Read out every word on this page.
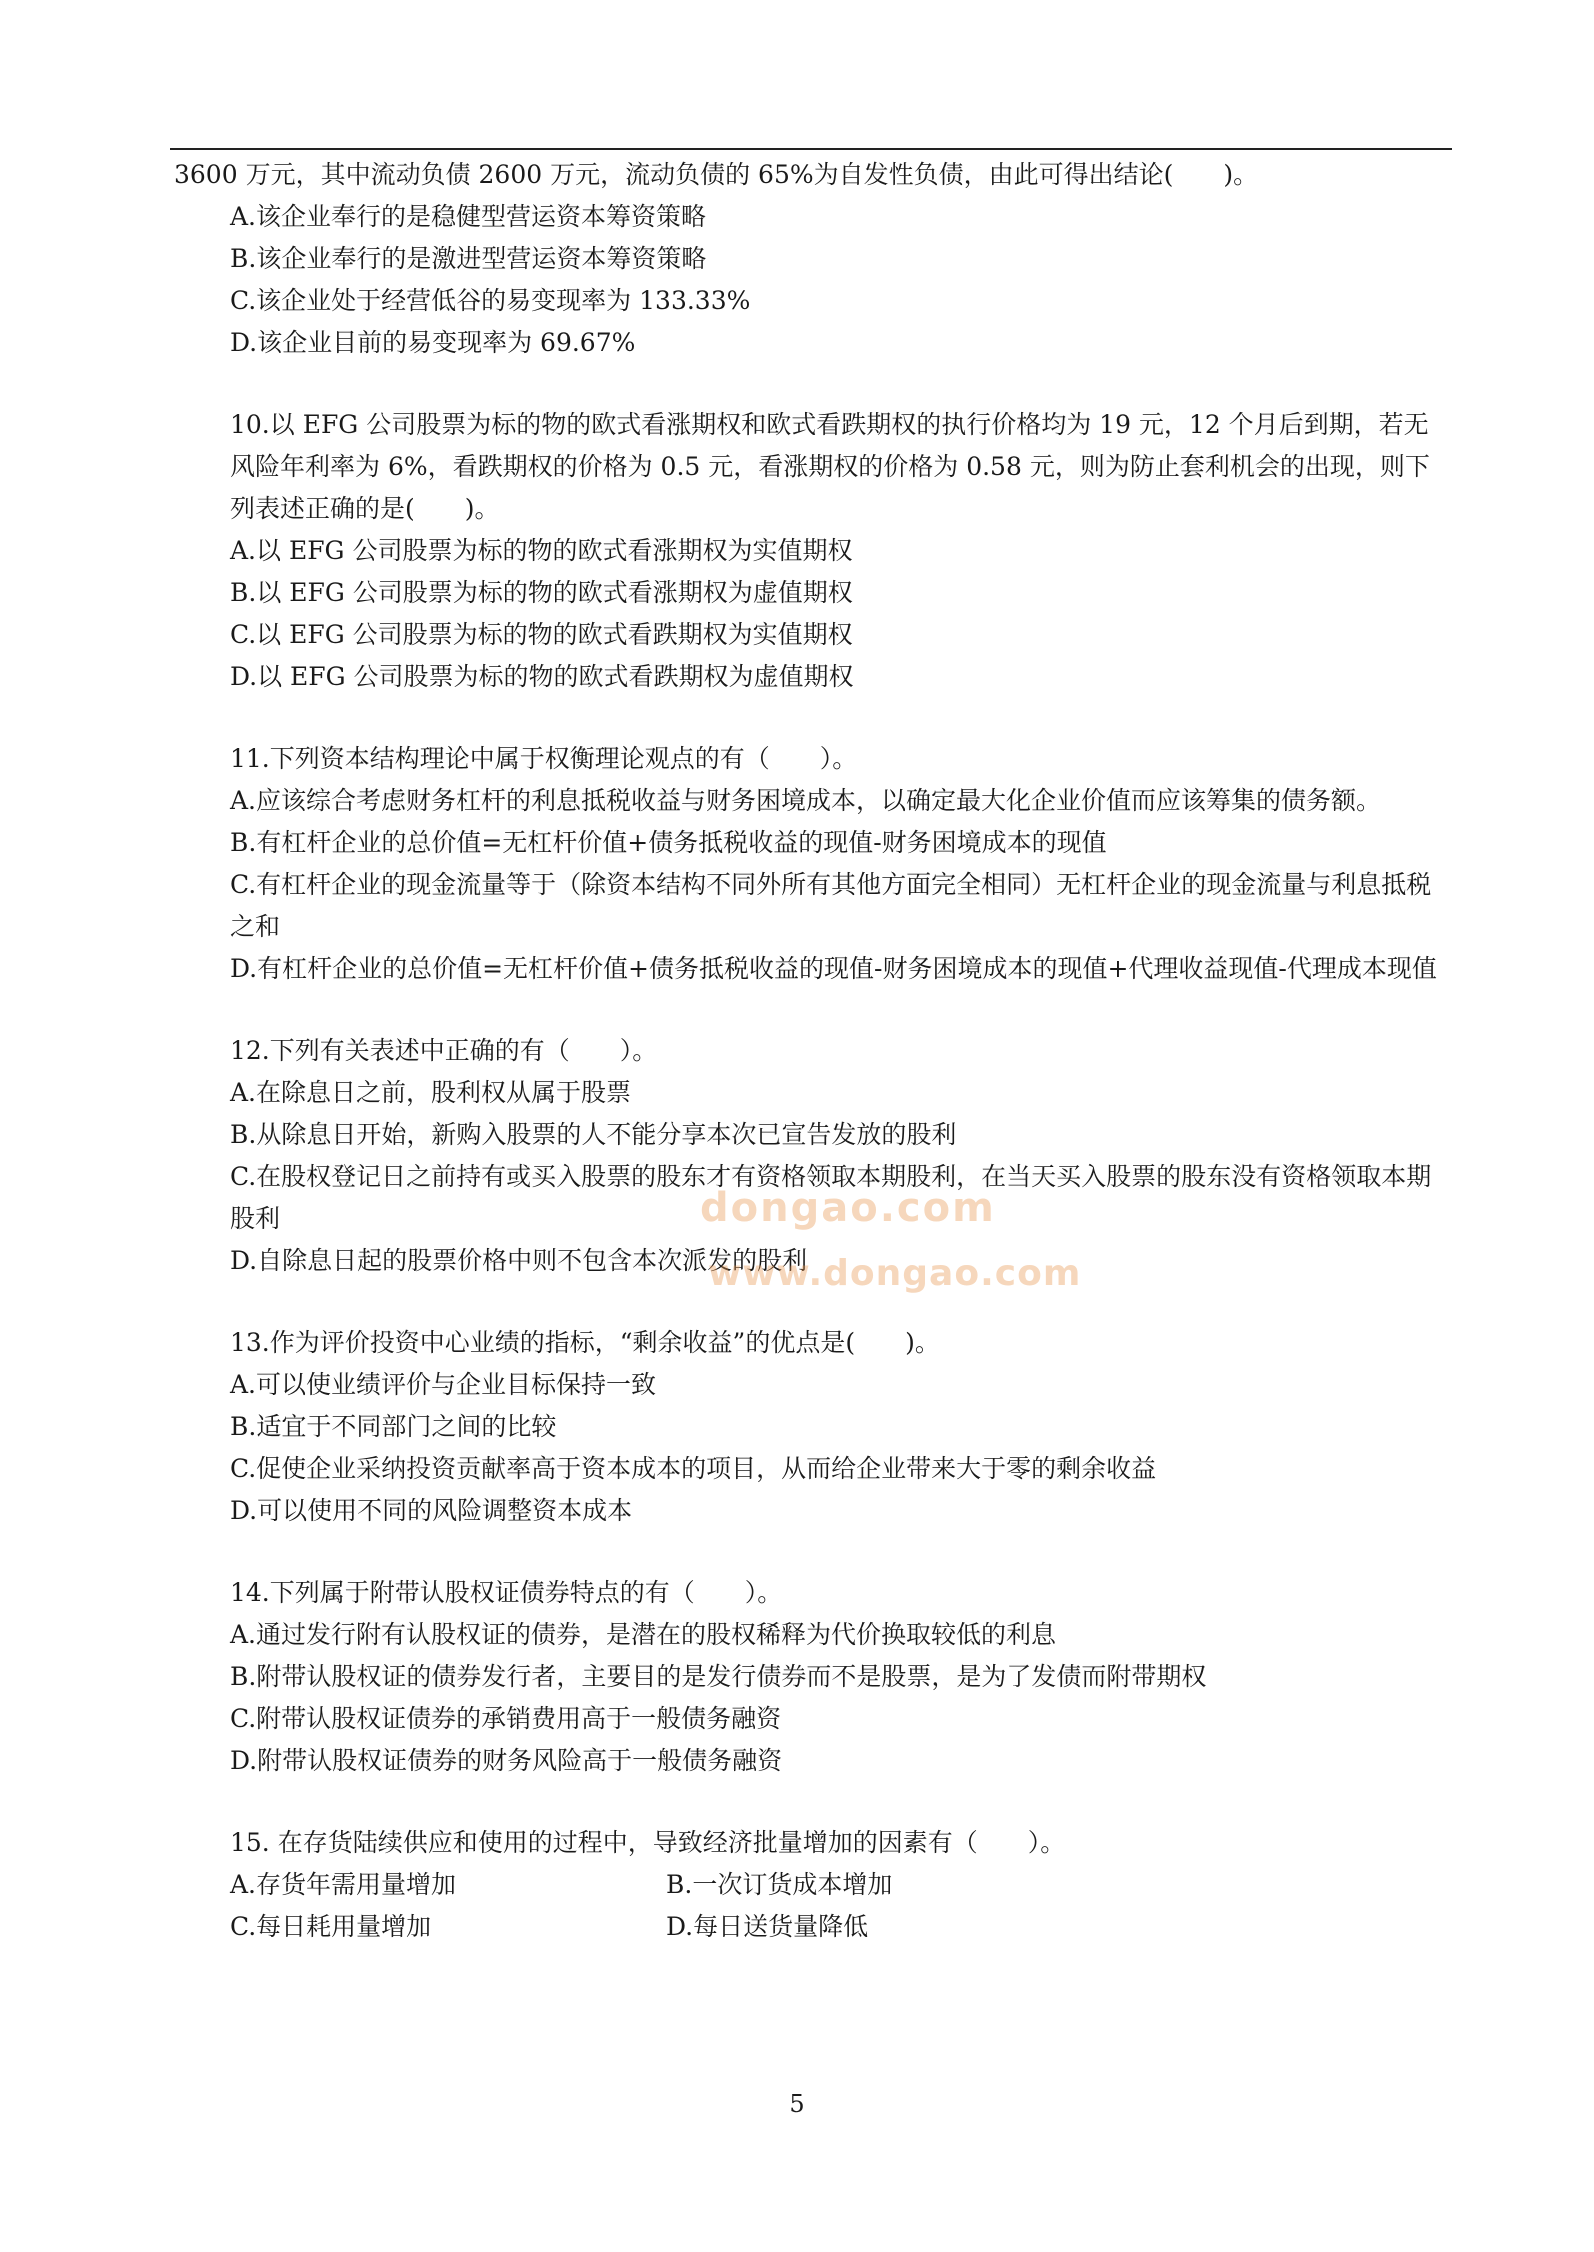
3600 万元，其中流动负债 2600 万元，流动负债的 65%为自发性负债，由此可得出结论(　　)。

A.该企业奉行的是稳健型营运资本筹资策略

B.该企业奉行的是激进型营运资本筹资策略

C.该企业处于经营低谷的易变现率为 133.33%

D.该企业目前的易变现率为 69.67%

10.以 EFG 公司股票为标的物的欧式看涨期权和欧式看跌期权的执行价格均为 19 元，12 个月后到期，若无风险年利率为 6%，看跌期权的价格为 0.5 元，看涨期权的价格为 0.58 元，则为防止套利机会的出现，则下列表述正确的是(　　)。

A.以 EFG 公司股票为标的物的欧式看涨期权为实值期权

B.以 EFG 公司股票为标的物的欧式看涨期权为虚值期权

C.以 EFG 公司股票为标的物的欧式看跌期权为实值期权

D.以 EFG 公司股票为标的物的欧式看跌期权为虚值期权

11.下列资本结构理论中属于权衡理论观点的有（　　）。

A.应该综合考虑财务杠杆的利息抵税收益与财务困境成本，以确定最大化企业价值而应该筹集的债务额。

B.有杠杆企业的总价值=无杠杆价值+债务抵税收益的现值-财务困境成本的现值

C.有杠杆企业的现金流量等于（除资本结构不同外所有其他方面完全相同）无杠杆企业的现金流量与利息抵税之和

D.有杠杆企业的总价值=无杠杆价值+债务抵税收益的现值-财务困境成本的现值+代理收益现值-代理成本现值

12.下列有关表述中正确的有（　　）。

A.在除息日之前，股利权从属于股票

B.从除息日开始，新购入股票的人不能分享本次已宣告发放的股利

C.在股权登记日之前持有或买入股票的股东才有资格领取本期股利，在当天买入股票的股东没有资格领取本期股利

D.自除息日起的股票价格中则不包含本次派发的股利

13.作为评价投资中心业绩的指标，“剩余收益”的优点是(　　)。

A.可以使业绩评价与企业目标保持一致

B.适宜于不同部门之间的比较

C.促使企业采纳投资贡献率高于资本成本的项目，从而给企业带来大于零的剩余收益

D.可以使用不同的风险调整资本成本

14.下列属于附带认股权证债券特点的有（　　）。

A.通过发行附有认股权证的债券，是潜在的股权稀释为代价换取较低的利息

B.附带认股权证的债券发行者，主要目的是发行债券而不是股票，是为了发债而附带期权

C.附带认股权证债券的承销费用高于一般债务融资

D.附带认股权证债券的财务风险高于一般债务融资

15. 在存货陆续供应和使用的过程中，导致经济批量增加的因素有（　　）。

A.存货年需用量增加	B.一次订货成本增加

C.每日耗用量增加	D.每日送货量降低

dongao.com
www.dongao.com
5
